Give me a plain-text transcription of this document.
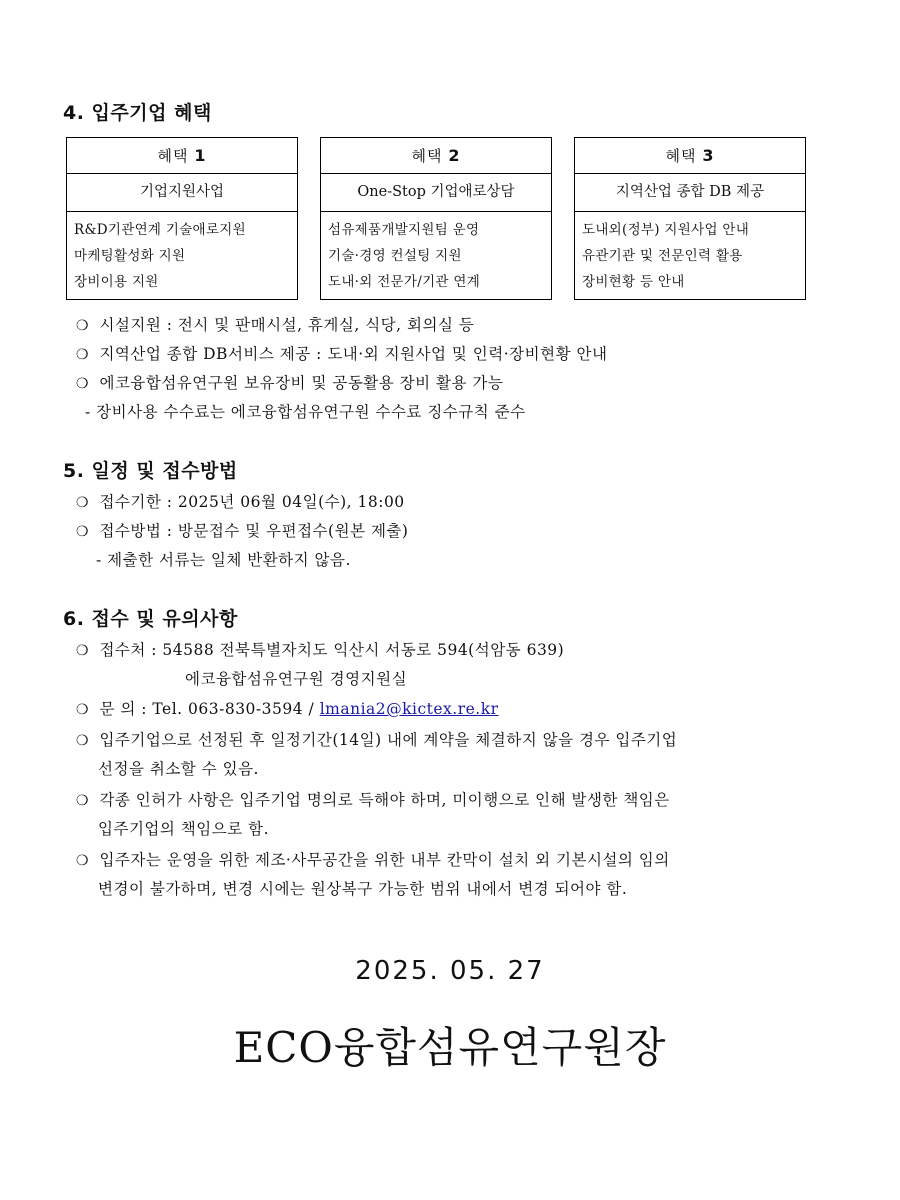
4. 입주기업 혜택
혜택 1
기업지원사업
R&D기관연계 기술애로지원
마케팅활성화 지원
장비이용 지원
혜택 2
One-Stop 기업애로상담
섬유제품개발지원팀 운영
기술·경영 컨설팅 지원
도내·외 전문가/기관 연계
혜택 3
지역산업 종합 DB 제공
도내외(정부) 지원사업 안내
유관기관 및 전문인력 활용
장비현황 등 안내
❍ 시설지원 : 전시 및 판매시설, 휴게실, 식당, 회의실 등
❍ 지역산업 종합 DB서비스 제공 : 도내·외 지원사업 및 인력·장비현황 안내
❍ 에코융합섬유연구원 보유장비 및 공동활용 장비 활용 가능
- 장비사용 수수료는 에코융합섬유연구원 수수료 징수규칙 준수
5. 일정 및 접수방법
❍ 접수기한 : 2025년 06월 04일(수), 18:00
❍ 접수방법 : 방문접수 및 우편접수(원본 제출)
- 제출한 서류는 일체 반환하지 않음.
6. 접수 및 유의사항
❍ 접수처 : 54588 전북특별자치도 익산시 서동로 594(석암동 639)
에코융합섬유연구원 경영지원실
❍ 문 의 : Tel. 063-830-3594 / lmania2@kictex.re.kr
❍ 입주기업으로 선정된 후 일정기간(14일) 내에 계약을 체결하지 않을 경우 입주기업
선정을 취소할 수 있음.
❍ 각종 인허가 사항은 입주기업 명의로 득해야 하며, 미이행으로 인해 발생한 책임은
입주기업의 책임으로 함.
❍ 입주자는 운영을 위한 제조·사무공간을 위한 내부 칸막이 설치 외 기본시설의 임의
변경이 불가하며, 변경 시에는 원상복구 가능한 범위 내에서 변경 되어야 함.
2025. 05. 27
ECO융합섬유연구원장
